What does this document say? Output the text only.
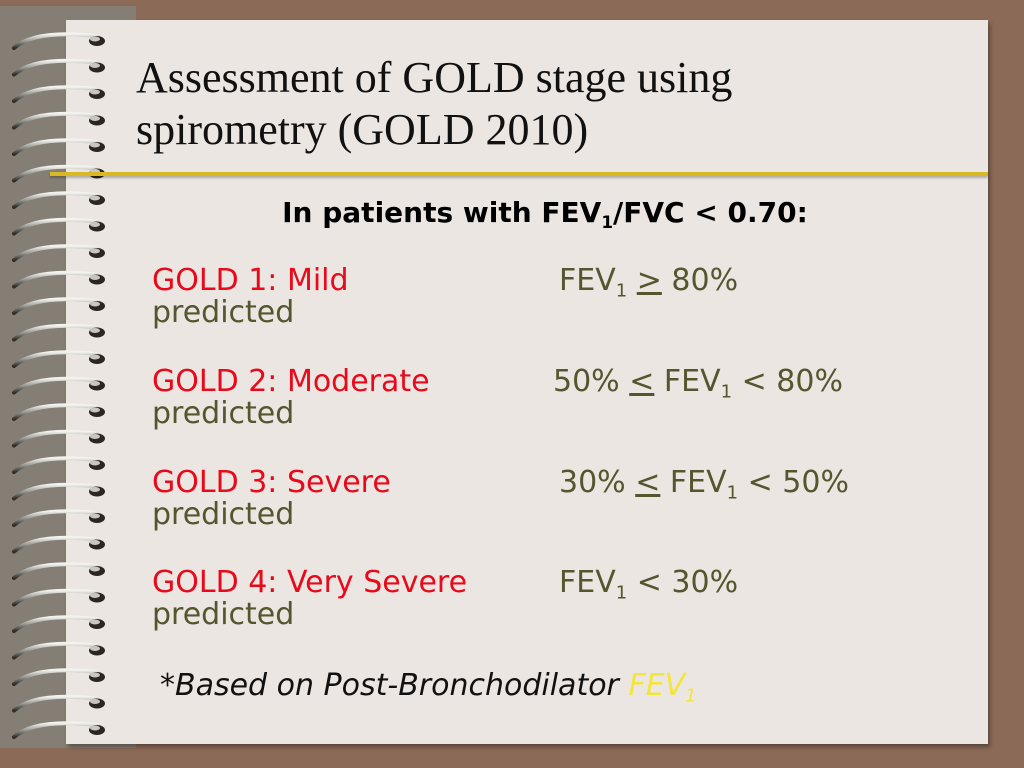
Assessment of GOLD stage using
spirometry (GOLD 2010)
In patients with $FEV_1$/FVC < 0.70:
GOLD 1: Mild	$FEV_1 > 80\%$
predicted
GOLD 2: Moderate	$50\% < FEV_1 < 80\%$
predicted
GOLD 3: Severe	$30\% < FEV_1 < 50\%$
predicted
GOLD 4: Very Severe	$FEV_1 < 30\%$
predicted
*Based on Post-Bronchodilator $FEV_1$
